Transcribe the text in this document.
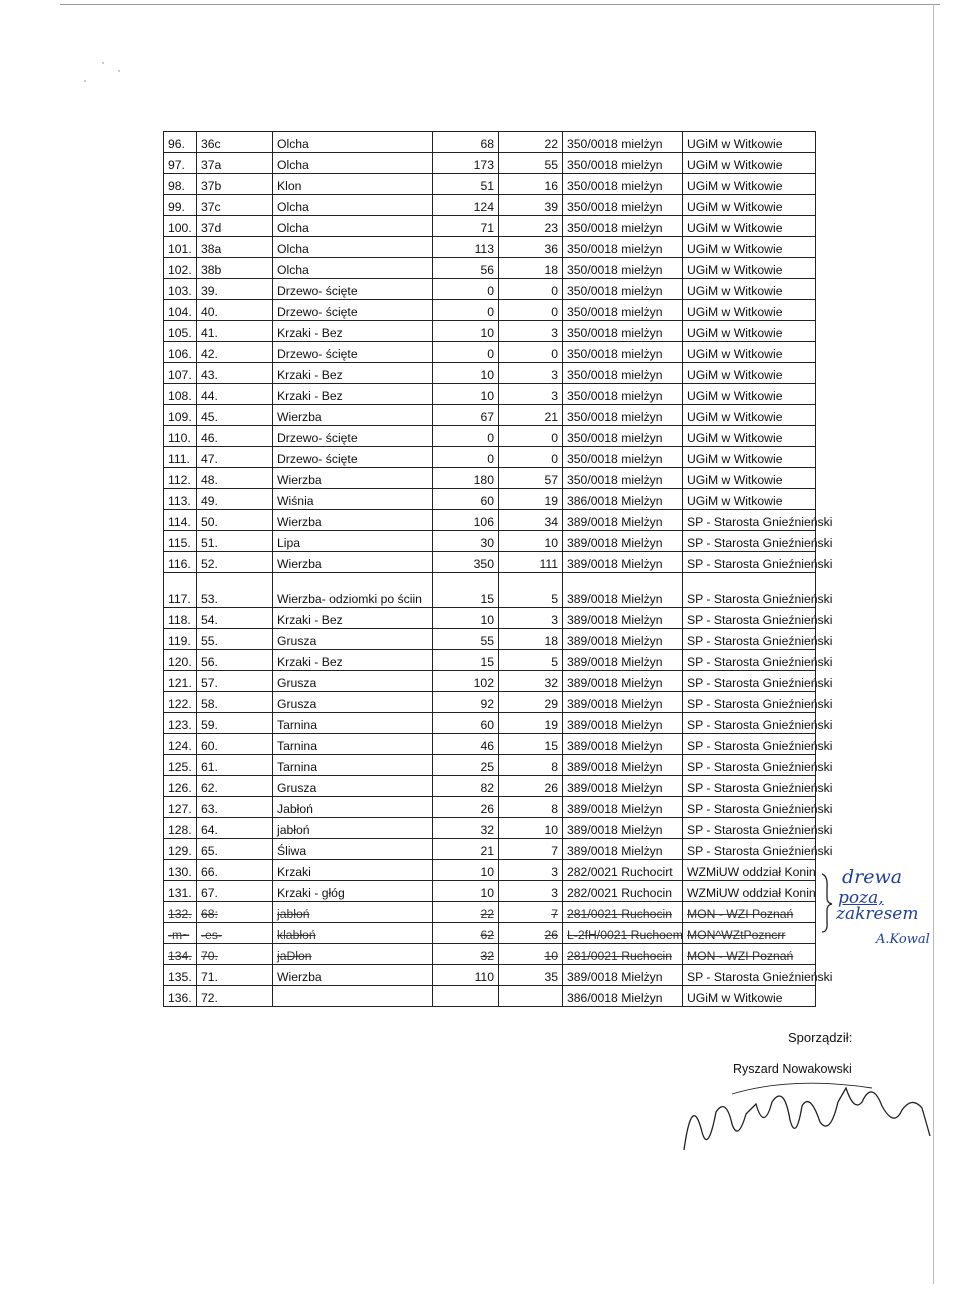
96.	36c	Olcha	68	22	350/0018 mielżyn	UGiM w Witkowie
97.	37a	Olcha	173	55	350/0018 mielżyn	UGiM w Witkowie
98.	37b	Klon	51	16	350/0018 mielżyn	UGiM w Witkowie
99.	37c	Olcha	124	39	350/0018 mielżyn	UGiM w Witkowie
100.	37d	Olcha	71	23	350/0018 mielżyn	UGiM w Witkowie
101.	38a	Olcha	113	36	350/0018 mielżyn	UGiM w Witkowie
102.	38b	Olcha	56	18	350/0018 mielżyn	UGiM w Witkowie
103.	39.	Drzewo- ścięte	0	0	350/0018 mielżyn	UGiM w Witkowie
104.	40.	Drzewo- ścięte	0	0	350/0018 mielżyn	UGiM w Witkowie
105.	41.	Krzaki - Bez	10	3	350/0018 mielżyn	UGiM w Witkowie
106.	42.	Drzewo- ścięte	0	0	350/0018 mielżyn	UGiM w Witkowie
107.	43.	Krzaki - Bez	10	3	350/0018 mielżyn	UGiM w Witkowie
108.	44.	Krzaki - Bez	10	3	350/0018 mielżyn	UGiM w Witkowie
109.	45.	Wierzba	67	21	350/0018 mielżyn	UGiM w Witkowie
110.	46.	Drzewo- ścięte	0	0	350/0018 mielżyn	UGiM w Witkowie
111.	47.	Drzewo- ścięte	0	0	350/0018 mielżyn	UGiM w Witkowie
112.	48.	Wierzba	180	57	350/0018 mielżyn	UGiM w Witkowie
113.	49.	Wiśnia	60	19	386/0018 Mielżyn	UGiM w Witkowie
114.	50.	Wierzba	106	34	389/0018 Mielżyn	SP - Starosta Gnieźnieński
115.	51.	Lipa	30	10	389/0018 Mielżyn	SP - Starosta Gnieźnieński
116.	52.	Wierzba	350	111	389/0018 Mielżyn	SP - Starosta Gnieźnieński
117.	53.	Wierzba- odziomki po ściin	15	5	389/0018 Mielżyn	SP - Starosta Gnieźnieński
118.	54.	Krzaki - Bez	10	3	389/0018 Mielżyn	SP - Starosta Gnieźnieński
119.	55.	Grusza	55	18	389/0018 Mielżyn	SP - Starosta Gnieźnieński
120.	56.	Krzaki - Bez	15	5	389/0018 Mielżyn	SP - Starosta Gnieźnieński
121.	57.	Grusza	102	32	389/0018 Mielżyn	SP - Starosta Gnieźnieński
122.	58.	Grusza	92	29	389/0018 Mielżyn	SP - Starosta Gnieźnieński
123.	59.	Tarnina	60	19	389/0018 Mielżyn	SP - Starosta Gnieźnieński
124.	60.	Tarnina	46	15	389/0018 Mielżyn	SP - Starosta Gnieźnieński
125.	61.	Tarnina	25	8	389/0018 Mielżyn	SP - Starosta Gnieźnieński
126.	62.	Grusza	82	26	389/0018 Mielżyn	SP - Starosta Gnieźnieński
127.	63.	Jabłoń	26	8	389/0018 Mielżyn	SP - Starosta Gnieźnieński
128.	64.	jabłoń	32	10	389/0018 Mielżyn	SP - Starosta Gnieźnieński
129.	65.	Śliwa	21	7	389/0018 Mielżyn	SP - Starosta Gnieźnieński
130.	66.	Krzaki	10	3	282/0021 Ruchocirt	WZMiUW oddział Konin
131.	67.	Krzaki - głóg	10	3	282/0021 Ruchocin	WZMiUW oddział Konin
132.	68:	jabłoń	22	7	281/0021 Ruchocin	MON - WZI Poznań
-m~	-es-	klabłoń	62	26	L-2fH/0021 Ruchoem	MON^WZtPozncrr
134.	70.	jaDłon	32	10	281/0021 Ruchocin	MON - WZI Poznań
135.	71.	Wierzba	110	35	389/0018 Mielżyn	SP - Starosta Gnieźnieński
136.	72.				386/0018 Mielżyn	UGiM w Witkowie
drewa
poza,
zakresem
A.Kowal
Sporządził:
Ryszard Nowakowski
